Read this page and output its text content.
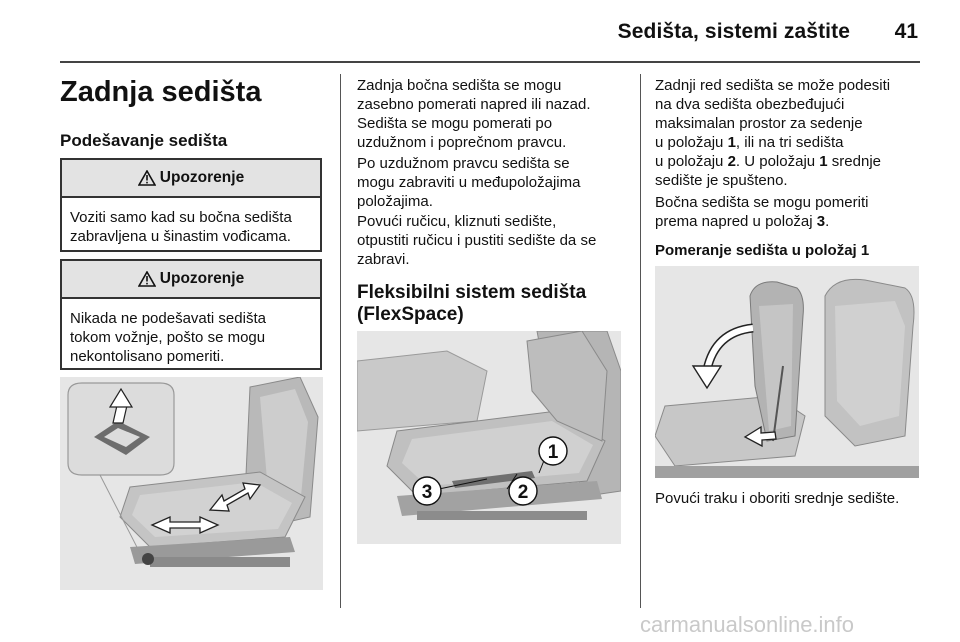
Sedišta, sistemi zaštite	41
Zadnja sedišta
Podešavanje sedišta
Upozorenje
Voziti samo kad su bočna sedišta
zabravljena u šinastim vođicama.
Upozorenje
Nikada ne podešavati sedišta
tokom vožnje, pošto se mogu
nekontolisano pomeriti.
Zadnja bočna sedišta se mogu
zasebno pomerati napred ili nazad.
Sedišta se mogu pomerati po
uzdužnom i poprečnom pravcu.
Po uzdužnom pravcu sedišta se
mogu zabraviti u međupoložajima
položajima.
Povući ručicu, kliznuti sedište,
otpustiti ručicu i pustiti sedište da se
zabravi.
Fleksibilni sistem sedišta
(FlexSpace)
1
2
3
Zadnji red sedišta se može podesiti
na dva sedišta obezbeđujući
maksimalan prostor za sedenje
u položaju 1, ili na tri sedišta
u položaju 2. U položaju 1 srednje
sedište je spušteno.
Bočna sedišta se mogu pomeriti
prema napred u položaj 3.
Pomeranje sedišta u položaj 1
Povući traku i oboriti srednje sedište.
carmanualsonline.info
